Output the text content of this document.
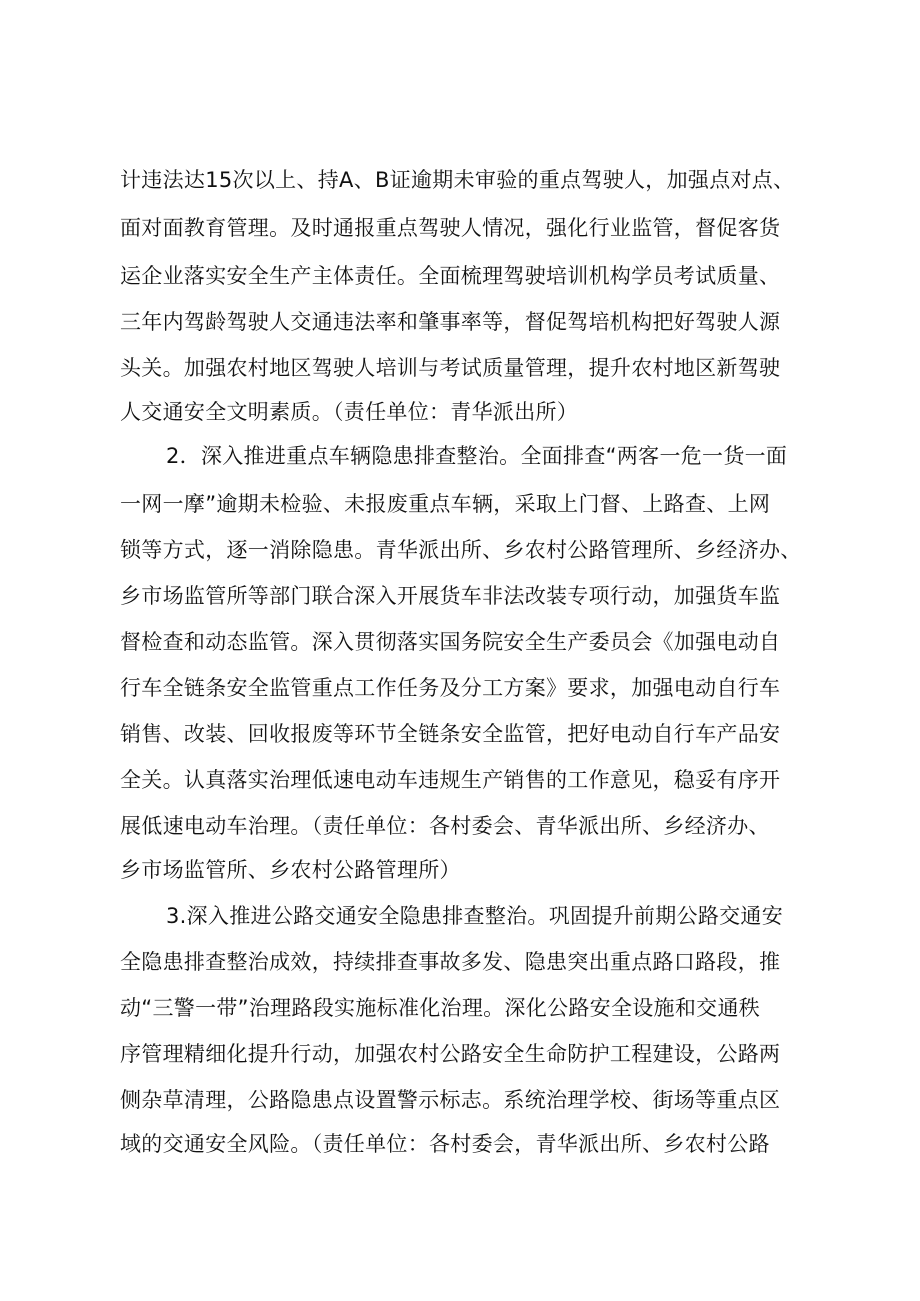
计违法达15次以上、持A、B证逾期未审验的重点驾驶人，加强点对点、
面对面教育管理。及时通报重点驾驶人情况，强化行业监管，督促客货
运企业落实安全生产主体责任。全面梳理驾驶培训机构学员考试质量、
三年内驾龄驾驶人交通违法率和肇事率等，督促驾培机构把好驾驶人源
头关。加强农村地区驾驶人培训与考试质量管理，提升农村地区新驾驶
人交通安全文明素质。（责任单位：青华派出所）
2．深入推进重点车辆隐患排查整治。全面排查“两客一危一货一面
一网一摩”逾期未检验、未报废重点车辆，采取上门督、上路查、上网
锁等方式，逐一消除隐患。青华派出所、乡农村公路管理所、乡经济办、
乡市场监管所等部门联合深入开展货车非法改装专项行动，加强货车监
督检查和动态监管。深入贯彻落实国务院安全生产委员会《加强电动自
行车全链条安全监管重点工作任务及分工方案》要求，加强电动自行车
销售、改装、回收报废等环节全链条安全监管，把好电动自行车产品安
全关。认真落实治理低速电动车违规生产销售的工作意见，稳妥有序开
展低速电动车治理。（责任单位：各村委会、青华派出所、乡经济办、
乡市场监管所、乡农村公路管理所）
3.深入推进公路交通安全隐患排查整治。巩固提升前期公路交通安
全隐患排查整治成效，持续排查事故多发、隐患突出重点路口路段，推
动“三警一带”治理路段实施标准化治理。深化公路安全设施和交通秩
序管理精细化提升行动，加强农村公路安全生命防护工程建设，公路两
侧杂草清理，公路隐患点设置警示标志。系统治理学校、街场等重点区
域的交通安全风险。（责任单位：各村委会，青华派出所、乡农村公路
